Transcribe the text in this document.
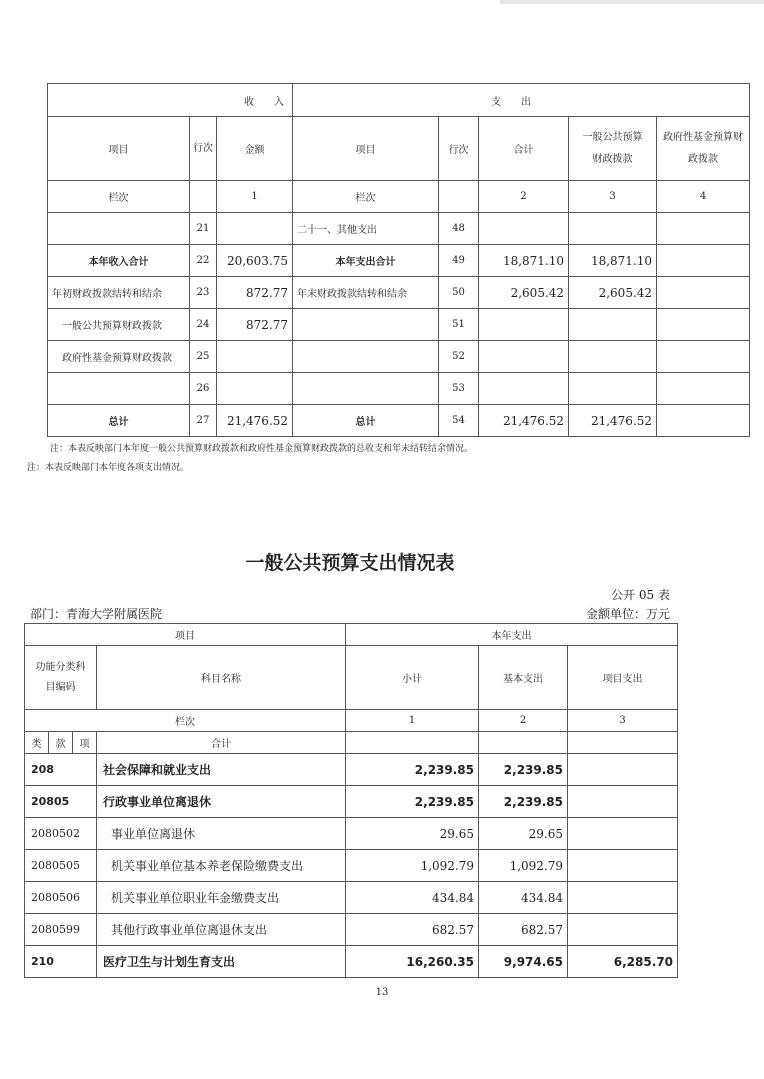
收　　入			支　　出				
项目	行次	金额	项目	行次	合计	一般公共预算财政拨款	政府性基金预算财政拨款
栏次		1	栏次		2	3	4
	21		二十一、其他支出	48			
本年收入合计	22	20,603.75	本年支出合计	49	18,871.10	18,871.10	
年初财政拨款结转和结余	23	872.77	年末财政拨款结转和结余	50	2,605.42	2,605.42	
一般公共预算财政拨款	24	872.77		51			
政府性基金预算财政拨款	25			52			
	26			53			
总计	27	21,476.52	总计	54	21,476.52	21,476.52	
注：本表反映部门本年度一般公共预算财政拨款和政府性基金预算财政拨款的总收支和年末结转结余情况。
注：本表反映部门本年度各项支出情况。
一般公共预算支出情况表
公开 05 表
部门：青海大学附属医院	金额单位：万元
项目				本年支出		
功能分类科目编码			科目名称	小计	基本支出	项目支出
栏次				1	2	3
类	款	项	合计			
208			社会保障和就业支出	2,239.85	2,239.85	
20805			行政事业单位离退休	2,239.85	2,239.85	
2080502			事业单位离退休	29.65	29.65	
2080505			机关事业单位基本养老保险缴费支出	1,092.79	1,092.79	
2080506			机关事业单位职业年金缴费支出	434.84	434.84	
2080599			其他行政事业单位离退休支出	682.57	682.57	
210			医疗卫生与计划生育支出	16,260.35	9,974.65	6,285.70
13
